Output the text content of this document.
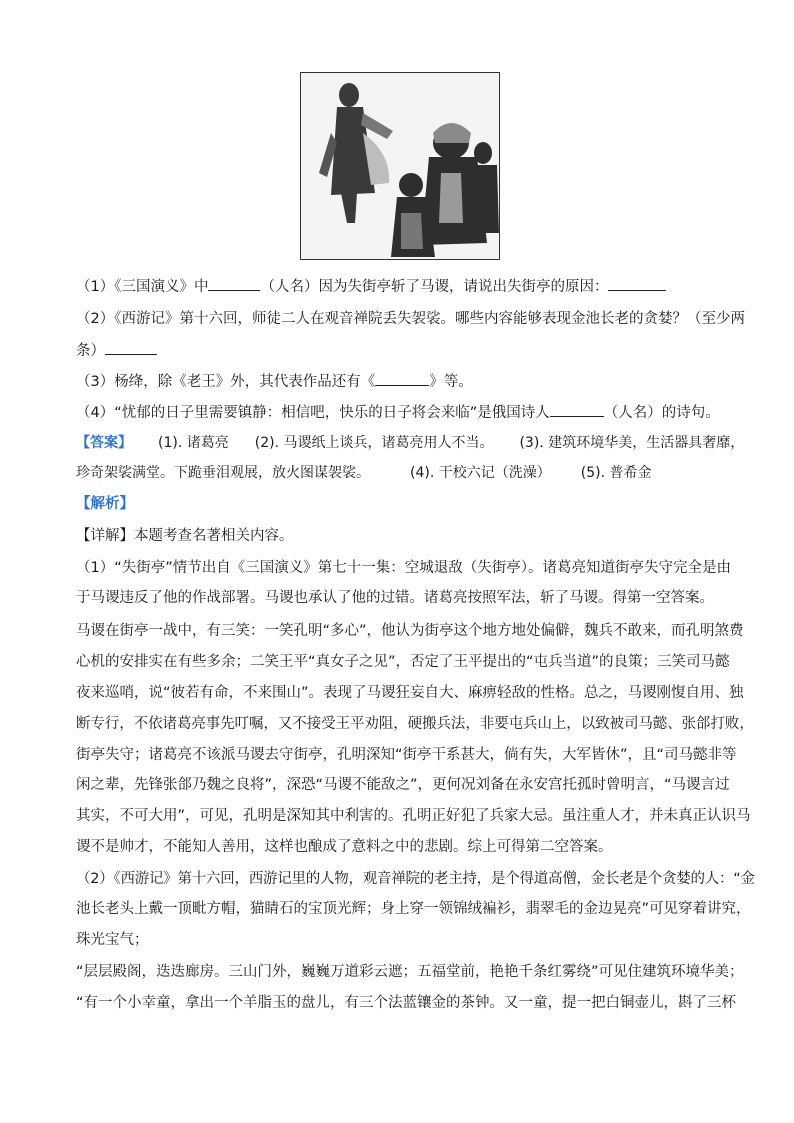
（1）《三国演义》中	（人名）因为失街亭斩了马谡，请说出失街亭的原因：
（2）《西游记》第十六回，师徒二人在观音禅院丢失袈裟。哪些内容能够表现金池长老的贪婪？（至少两
条）
（3）杨绛，除《老王》外，其代表作品还有《	》等。
（4）“忧郁的日子里需要镇静：相信吧，快乐的日子将会来临”是俄国诗人	（人名）的诗句。
【答案】 (1). 诸葛亮 (2). 马谡纸上谈兵，诸葛亮用人不当。 (3). 建筑环境华美，生活器具奢靡，
珍奇架裟满堂。下跪垂泪观展，放火图谋袈裟。	(4). 干校六记（洗澡） (5). 普希金
【解析】
【详解】本题考查名著相关内容。
（1）“失街亭”情节出自《三国演义》第七十一集：空城退敌（失街亭）。诸葛亮知道街亭失守完全是由
于马谡违反了他的作战部署。马谡也承认了他的过错。诸葛亮按照军法，斩了马谡。得第一空答案。
马谡在街亭一战中，有三笑：一笑孔明“多心”，他认为街亭这个地方地处偏僻，魏兵不敢来，而孔明煞费
心机的安排实在有些多余；二笑王平“真女子之见”，否定了王平提出的“屯兵当道”的良策；三笑司马懿
夜来巡哨，说“彼若有命，不来围山”。表现了马谡狂妄自大、麻痹轻敌的性格。总之，马谡刚愎自用、独
断专行，不依诸葛亮事先叮嘱，又不接受王平劝阻，硬搬兵法，非要屯兵山上，以致被司马懿、张郃打败，
街亭失守；诸葛亮不该派马谡去守街亭，孔明深知“街亭干系甚大，倘有失，大军皆休”，且“司马懿非等
闲之辈，先锋张郃乃魏之良将”，深恐“马谡不能敌之”，更何况刘备在永安宫托孤时曾明言，“马谡言过
其实，不可大用”，可见，孔明是深知其中利害的。孔明正好犯了兵家大忌。虽注重人才，并未真正认识马
谡不是帅才，不能知人善用，这样也酿成了意料之中的悲剧。综上可得第二空答案。
（2）《西游记》第十六回，西游记里的人物，观音禅院的老主持，是个得道高僧，金长老是个贪婪的人：“金
池长老头上戴一顶毗方帽，猫睛石的宝顶光辉；身上穿一领锦绒褊衫，翡翠毛的金边晃亮”可见穿着讲究，
珠光宝气；
“层层殿阁，迭迭廊房。三山门外，巍巍万道彩云遮；五福堂前，艳艳千条红雾绕”可见住建筑环境华美；
“有一个小幸童，拿出一个羊脂玉的盘儿，有三个法蓝镶金的茶钟。又一童，提一把白铜壶儿，斟了三杯
